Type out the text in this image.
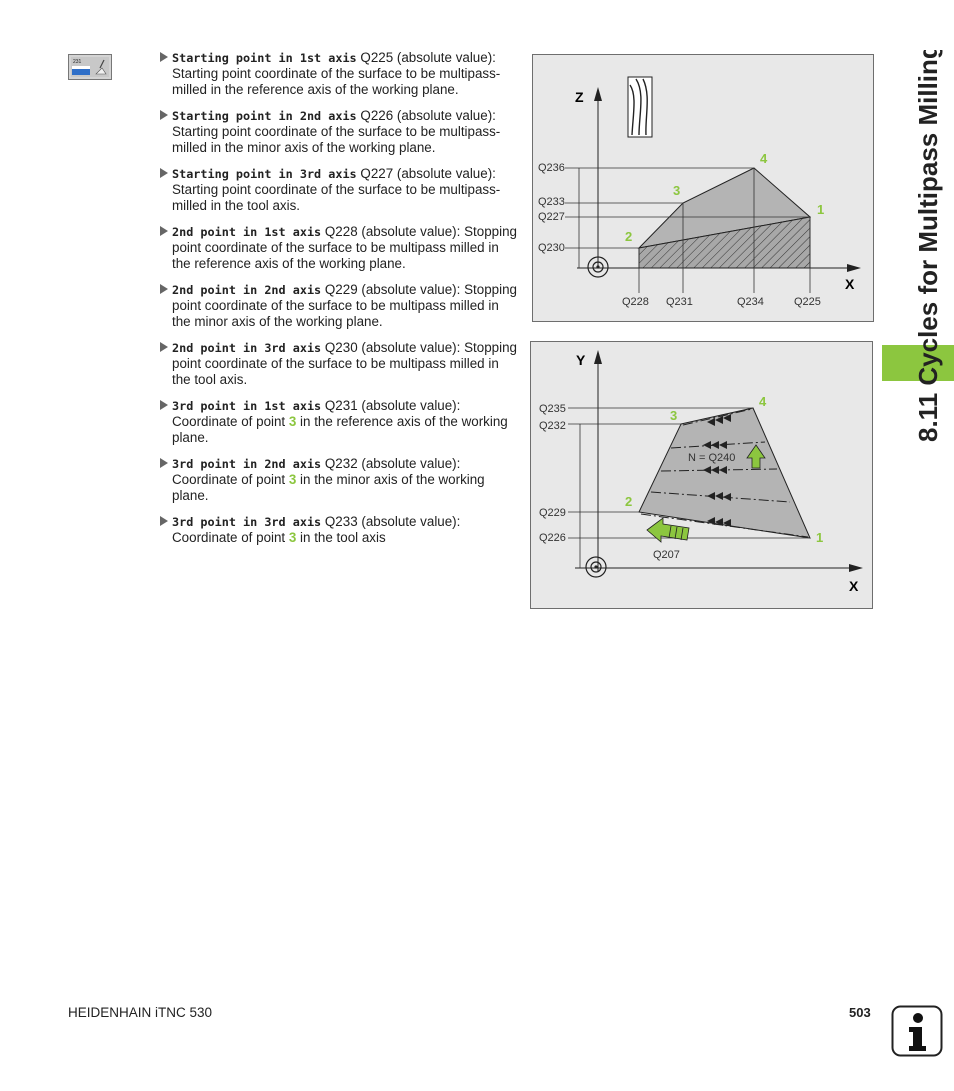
231	Starting point in 1st axis Q225 (absolute value): Starting point coordinate of the surface to be multipass-milled in the reference axis of the working plane.
Starting point in 2nd axis Q226 (absolute value): Starting point coordinate of the surface to be multipass-milled in the minor axis of the working plane.
Starting point in 3rd axis Q227 (absolute value): Starting point coordinate of the surface to be multipass-milled in the tool axis.
2nd point in 1st axis Q228 (absolute value): Stopping point coordinate of the surface to be multipass milled in the reference axis of the working plane.
2nd point in 2nd axis Q229 (absolute value): Stopping point coordinate of the surface to be multipass milled in the minor axis of the working plane.
2nd point in 3rd axis Q230 (absolute value): Stopping point coordinate of the surface to be multipass milled in the tool axis.
3rd point in 1st axis Q231 (absolute value): Coordinate of point 3 in the reference axis of the working plane.
3rd point in 2nd axis Q232 (absolute value): Coordinate of point 3 in the minor axis of the working plane.
3rd point in 3rd axis Q233 (absolute value): Coordinate of point 3 in the tool axis
Z
X
Q236
Q233
Q227
Q230
Q228 Q231	Q234	Q225
1
2
3
4
Y
X
Q235
Q232
Q229
Q226
N = Q240
Q207
1
2
3
4	8.11 Cycles for Multipass Milling
HEIDENHAIN iTNC 530	503
